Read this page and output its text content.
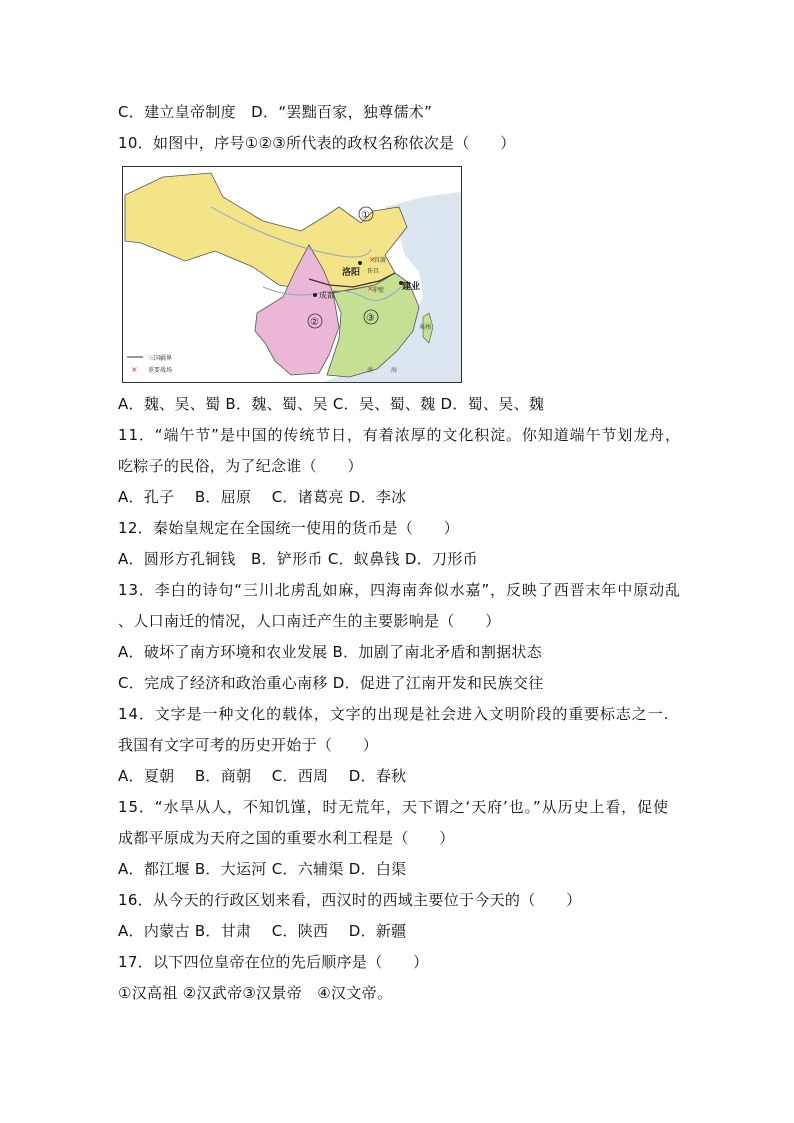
C．建立皇帝制度　D．“罢黜百家，独尊儒术”
10．如图中，序号①②③所代表的政权名称依次是（　　）
①
②	③
洛阳
成都
建业
×
官渡
许昌
×
赤壁
夷州
南	海
三国疆界
× 重要战场
A．魏、吴、蜀 B．魏、蜀、吴 C．吴、蜀、魏 D．蜀、吴、魏
11．“端午节”是中国的传统节日，有着浓厚的文化积淀。你知道端午节划龙舟，
吃粽子的民俗，为了纪念谁（　　）
A．孔子　 B．屈原　 C．诸葛亮 D．李冰
12．秦始皇规定在全国统一使用的货币是（　　）
A．圆形方孔铜钱　B．铲形币 C．蚁鼻钱 D．刀形币
13．李白的诗句“三川北虏乱如麻，四海南奔似水嘉”，反映了西晋末年中原动乱
、人口南迁的情况，人口南迁产生的主要影响是（　　）
A．破坏了南方环境和农业发展 B．加剧了南北矛盾和割据状态
C．完成了经济和政治重心南移 D．促进了江南开发和民族交往
14．文字是一种文化的载体，文字的出现是社会进入文明阶段的重要标志之一.
我国有文字可考的历史开始于（　　）
A．夏朝　 B．商朝　 C．西周　 D．春秋
15．“水旱从人，不知饥馑，时无荒年，天下谓之‘天府’也。”从历史上看，促使
成都平原成为天府之国的重要水利工程是（　　）
A．都江堰 B．大运河 C．六辅渠 D．白渠
16．从今天的行政区划来看，西汉时的西域主要位于今天的（　　）
A．内蒙古 B．甘肃　 C．陕西　 D．新疆
17．以下四位皇帝在位的先后顺序是（　　）
①汉高祖 ②汉武帝③汉景帝　④汉文帝。
